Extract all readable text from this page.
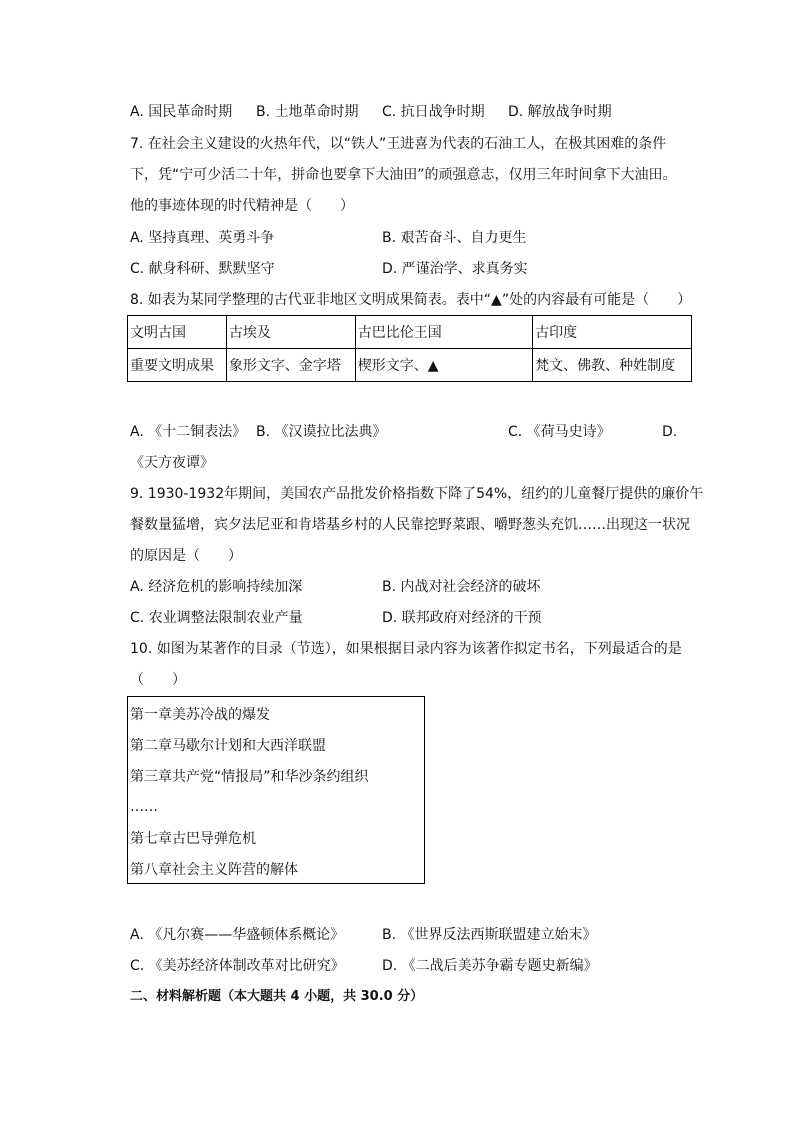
A. 国民革命时期 B. 土地革命时期 C. 抗日战争时期 D. 解放战争时期
7. 在社会主义建设的火热年代，以“铁人”王进喜为代表的石油工人，在极其困难的条件
下，凭“宁可少活二十年，拼命也要拿下大油田”的顽强意志，仅用三年时间拿下大油田。
他的事迹体现的时代精神是（　　）
A. 坚持真理、英勇斗争	B. 艰苦奋斗、自力更生
C. 献身科研、默默坚守	D. 严谨治学、求真务实
8. 如表为某同学整理的古代亚非地区文明成果简表。表中“▲”处的内容最有可能是（　　）
文明古国	古埃及	古巴比伦王国	古印度
重要文明成果	象形文字、金字塔	楔形文字、▲	梵文、佛教、种姓制度
A. 《十二铜表法》 B. 《汉谟拉比法典》	C. 《荷马史诗》	D.
《天方夜谭》
9. 1930-1932年期间，美国农产品批发价格指数下降了54%，纽约的儿童餐厅提供的廉价午
餐数量猛增，宾夕法尼亚和肯塔基乡村的人民靠挖野菜跟、嚼野葱头充饥……出现这一状况
的原因是（　　）
A. 经济危机的影响持续加深	B. 内战对社会经济的破坏
C. 农业调整法限制农业产量	D. 联邦政府对经济的干预
10. 如图为某著作的目录（节选），如果根据目录内容为该著作拟定书名，下列最适合的是
（　　）
第一章美苏冷战的爆发
第二章马歇尔计划和大西洋联盟
第三章共产党“情报局”和华沙条约组织
……
第七章古巴导弹危机
第八章社会主义阵营的解体
A. 《凡尔赛——华盛顿体系概论》	B. 《世界反法西斯联盟建立始末》
C. 《美苏经济体制改革对比研究》	D. 《二战后美苏争霸专题史新编》
二、材料解析题（本大题共 4 小题，共 30.0 分）
